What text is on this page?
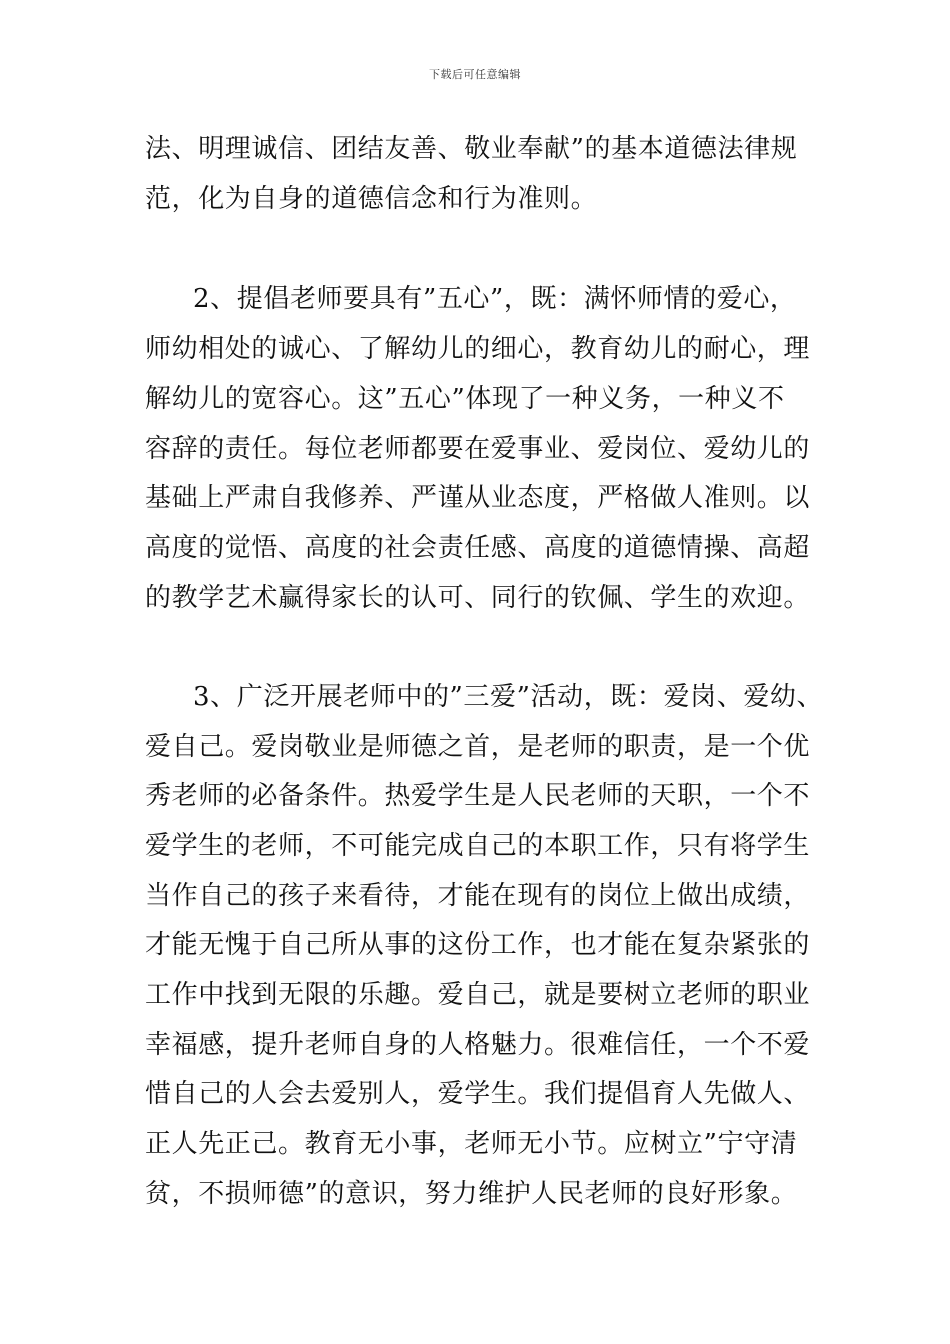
下载后可任意编辑
法、明理诚信、团结友善、敬业奉献”的基本道德法律规
范，化为自身的道德信念和行为准则。
2、提倡老师要具有”五心”，既：满怀师情的爱心，
师幼相处的诚心、了解幼儿的细心，教育幼儿的耐心，理
解幼儿的宽容心。这”五心”体现了一种义务，一种义不
容辞的责任。每位老师都要在爱事业、爱岗位、爱幼儿的
基础上严肃自我修养、严谨从业态度，严格做人准则。以
高度的觉悟、高度的社会责任感、高度的道德情操、高超
的教学艺术赢得家长的认可、同行的钦佩、学生的欢迎。
3、广泛开展老师中的”三爱”活动，既：爱岗、爱幼、
爱自己。爱岗敬业是师德之首，是老师的职责，是一个优
秀老师的必备条件。热爱学生是人民老师的天职，一个不
爱学生的老师，不可能完成自己的本职工作，只有将学生
当作自己的孩子来看待，才能在现有的岗位上做出成绩，
才能无愧于自己所从事的这份工作，也才能在复杂紧张的
工作中找到无限的乐趣。爱自己，就是要树立老师的职业
幸福感，提升老师自身的人格魅力。很难信任，一个不爱
惜自己的人会去爱别人，爱学生。我们提倡育人先做人、
正人先正己。教育无小事，老师无小节。应树立”宁守清
贫，不损师德”的意识，努力维护人民老师的良好形象。
